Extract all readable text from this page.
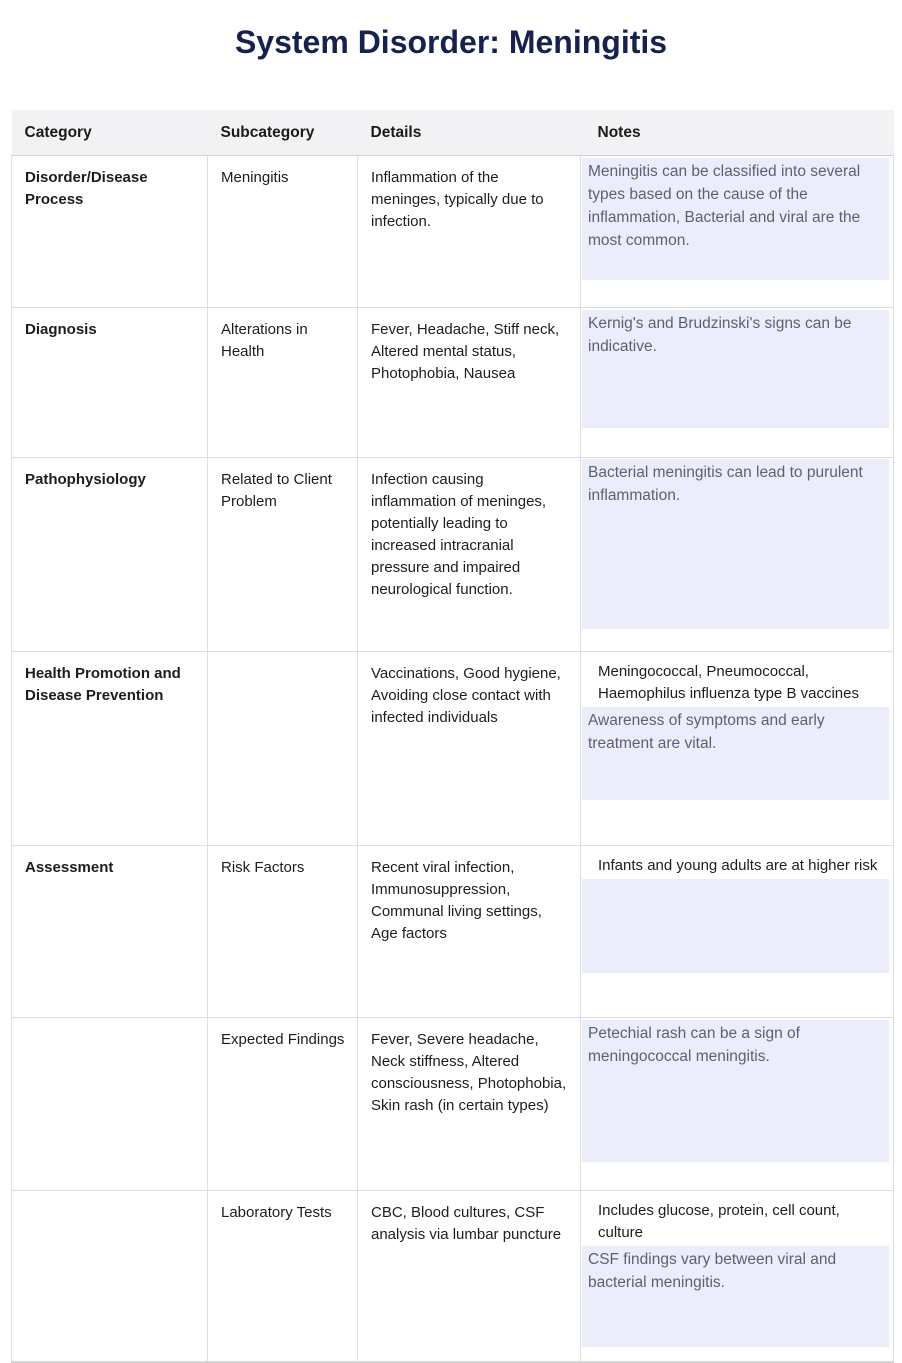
System Disorder: Meningitis
Category	Subcategory	Details	Notes
Disorder/Disease Process	Meningitis	Inflammation of the meninges, typically due to infection.	Meningitis can be classified into several types based on the cause of the inflammation, Bacterial and viral are the most common.

Diagnosis	Alterations in Health	Fever, Headache, Stiff neck, Altered mental status, Photophobia, Nausea	Kernig's and Brudzinski's signs can be indicative.

Pathophysiology	Related to Client Problem	Infection causing inflammation of meninges, potentially leading to increased intracranial pressure and impaired neurological function.	Bacterial meningitis can lead to purulent inflammation.

Health Promotion and Disease Prevention		Vaccinations, Good hygiene, Avoiding close contact with infected individuals	Meningococcal, Pneumococcal, Haemophilus influenza type B vaccines
Awareness of symptoms and early treatment are vital.

Assessment	Risk Factors	Recent viral infection, Immunosuppression, Communal living settings, Age factors	Infants and young adults are at higher risk

	Expected Findings	Fever, Severe headache, Neck stiffness, Altered consciousness, Photophobia, Skin rash (in certain types)	Petechial rash can be a sign of meningococcal meningitis.

	Laboratory Tests	CBC, Blood cultures, CSF analysis via lumbar puncture	Includes glucose, protein, cell count, culture
CSF findings vary between viral and bacterial meningitis.
